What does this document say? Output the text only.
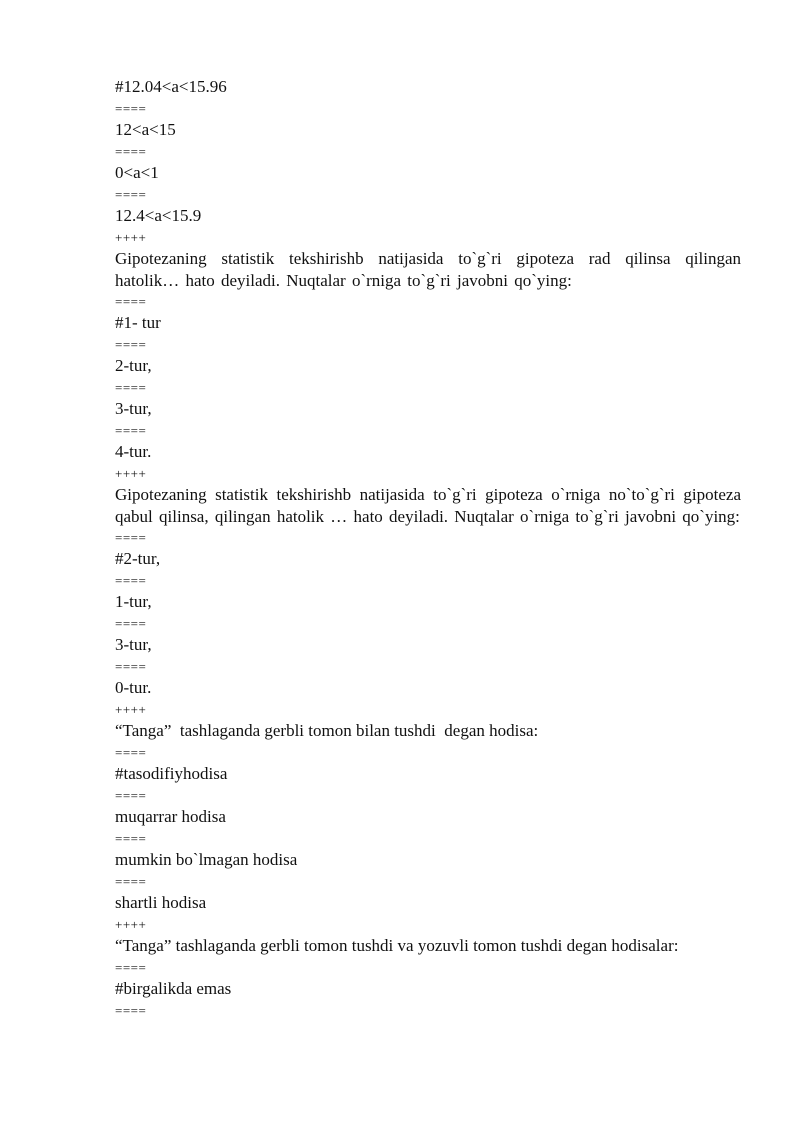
#12.04<a<15.96
====
12<a<15
====
0<a<1
====
12.4<a<15.9
++++
Gipotezaning statistik tekshirishb natijasida to`g`ri gipoteza rad qilinsa qilingan hatolik… hato deyiladi. Nuqtalar o`rniga to`g`ri javobni qo`ying:
====
#1- tur
====
2-tur,
====
3-tur,
====
4-tur.
++++
Gipotezaning statistik tekshirishb natijasida to`g`ri gipoteza o`rniga no`to`g`ri gipoteza qabul qilinsa, qilingan hatolik … hato deyiladi. Nuqtalar o`rniga to`g`ri javobni qo`ying:
====
#2-tur,
====
1-tur,
====
3-tur,
====
0-tur.
++++
“Tanga”  tashlaganda gerbli tomon bilan tushdi  degan hodisa:
====
#tasodifiyhodisa
====
muqarrar hodisa
====
mumkin bo`lmagan hodisa
====
shartli hodisa
++++
“Tanga” tashlaganda gerbli tomon tushdi va yozuvli tomon tushdi degan hodisalar:
====
#birgalikda emas
====
